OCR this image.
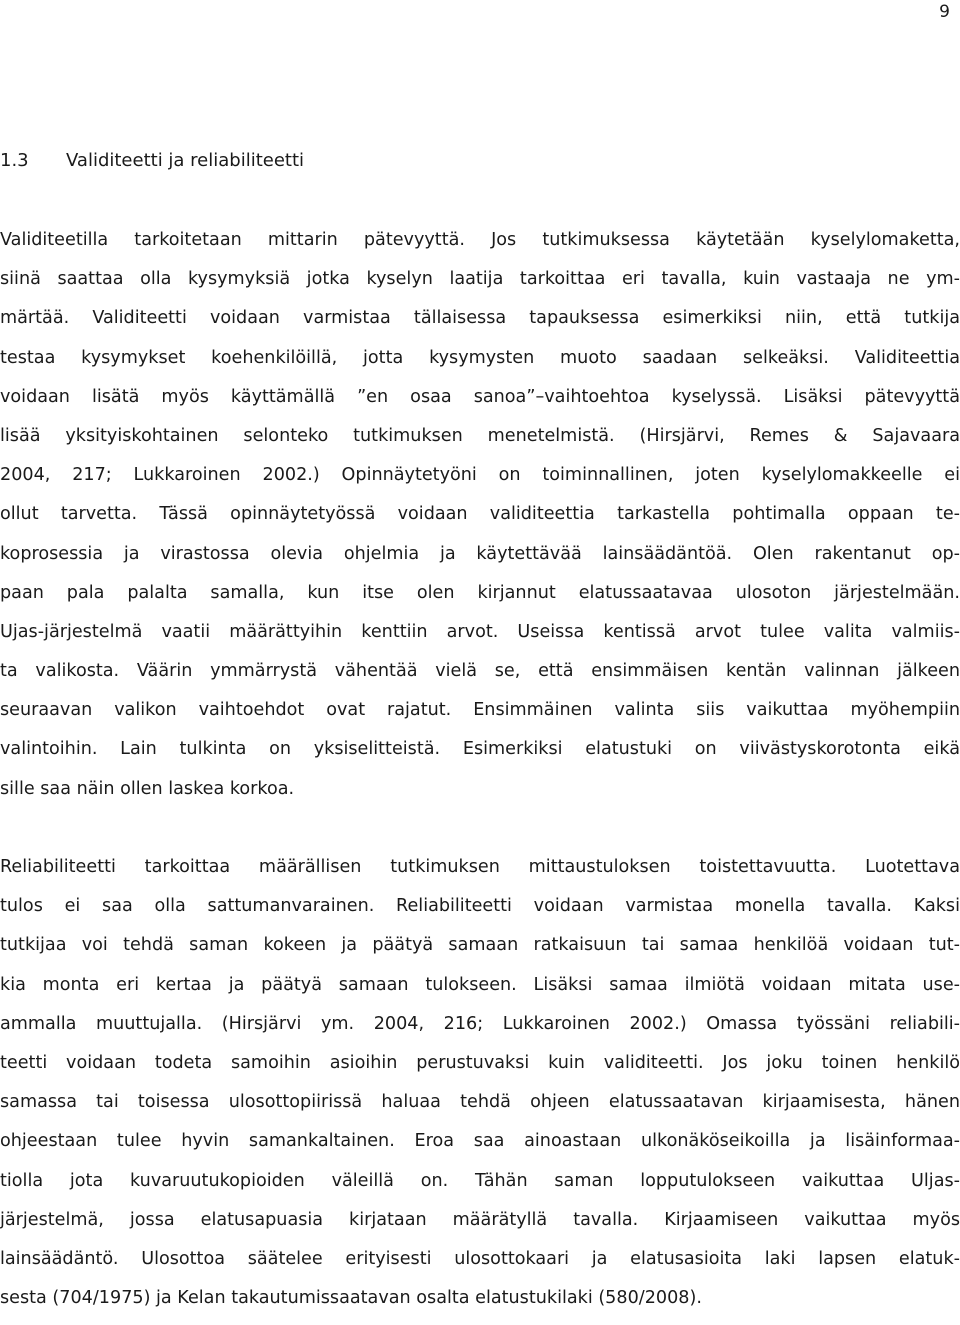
9
1.3 Validiteetti ja reliabiliteetti
Validiteetilla tarkoitetaan mittarin pätevyyttä. Jos tutkimuksessa käytetään kyselylomaketta,
siinä saattaa olla kysymyksiä jotka kyselyn laatija tarkoittaa eri tavalla, kuin vastaaja ne ym-
märtää. Validiteetti voidaan varmistaa tällaisessa tapauksessa esimerkiksi niin, että tutkija
testaa kysymykset koehenkilöillä, jotta kysymysten muoto saadaan selkeäksi. Validiteettia
voidaan lisätä myös käyttämällä ”en osaa sanoa”–vaihtoehtoa kyselyssä. Lisäksi pätevyyttä
lisää yksityiskohtainen selonteko tutkimuksen menetelmistä. (Hirsjärvi, Remes & Sajavaara
2004, 217; Lukkaroinen 2002.) Opinnäytetyöni on toiminnallinen, joten kyselylomakkeelle ei
ollut tarvetta. Tässä opinnäytetyössä voidaan validiteettia tarkastella pohtimalla oppaan te-
koprosessia ja virastossa olevia ohjelmia ja käytettävää lainsäädäntöä. Olen rakentanut op-
paan pala palalta samalla, kun itse olen kirjannut elatussaatavaa ulosoton järjestelmään.
Ujas-järjestelmä vaatii määrättyihin kenttiin arvot. Useissa kentissä arvot tulee valita valmiis-
ta valikosta. Väärin ymmärrystä vähentää vielä se, että ensimmäisen kentän valinnan jälkeen
seuraavan valikon vaihtoehdot ovat rajatut. Ensimmäinen valinta siis vaikuttaa myöhempiin
valintoihin. Lain tulkinta on yksiselitteistä. Esimerkiksi elatustuki on viivästyskorotonta eikä
sille saa näin ollen laskea korkoa.
Reliabiliteetti tarkoittaa määrällisen tutkimuksen mittaustuloksen toistettavuutta. Luotettava
tulos ei saa olla sattumanvarainen. Reliabiliteetti voidaan varmistaa monella tavalla. Kaksi
tutkijaa voi tehdä saman kokeen ja päätyä samaan ratkaisuun tai samaa henkilöä voidaan tut-
kia monta eri kertaa ja päätyä samaan tulokseen. Lisäksi samaa ilmiötä voidaan mitata use-
ammalla muuttujalla. (Hirsjärvi ym. 2004, 216; Lukkaroinen 2002.) Omassa työssäni reliabili-
teetti voidaan todeta samoihin asioihin perustuvaksi kuin validiteetti. Jos joku toinen henkilö
samassa tai toisessa ulosottopiirissä haluaa tehdä ohjeen elatussaatavan kirjaamisesta, hänen
ohjeestaan tulee hyvin samankaltainen. Eroa saa ainoastaan ulkonäköseikoilla ja lisäinformaa-
tiolla jota kuvaruutukopioiden väleillä on. Tähän saman lopputulokseen vaikuttaa Uljas-
järjestelmä, jossa elatusapuasia kirjataan määrätyllä tavalla. Kirjaamiseen vaikuttaa myös
lainsäädäntö. Ulosottoa säätelee erityisesti ulosottokaari ja elatusasioita laki lapsen elatuk-
sesta (704/1975) ja Kelan takautumissaatavan osalta elatustukilaki (580/2008).
